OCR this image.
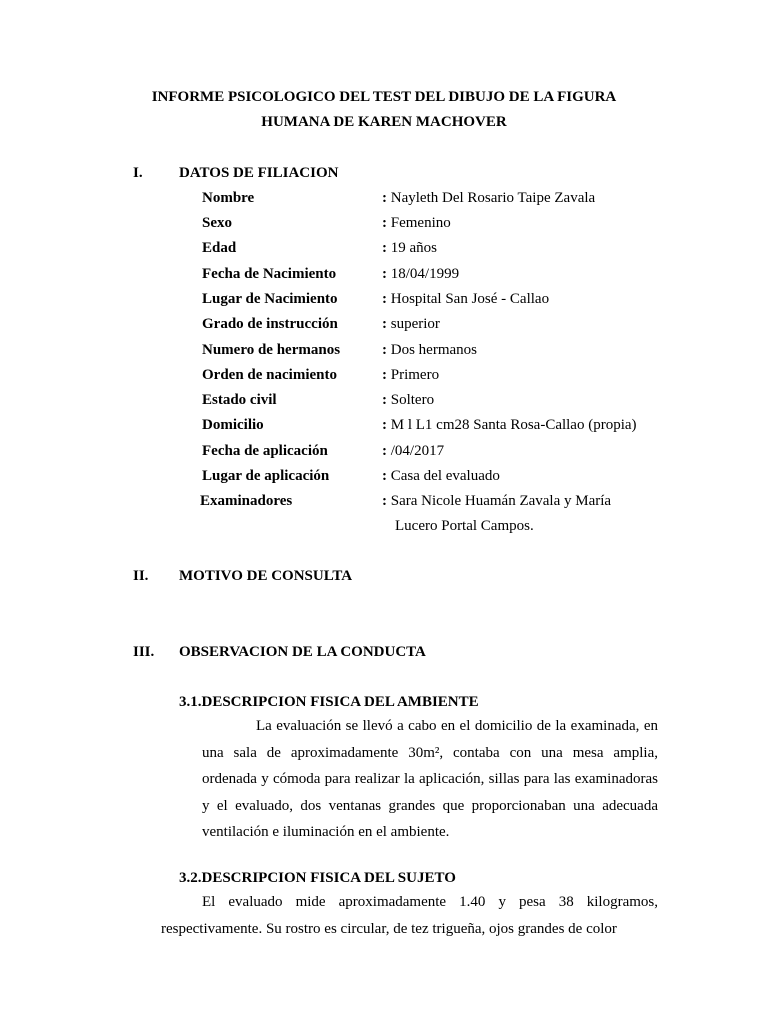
INFORME PSICOLOGICO DEL TEST DEL DIBUJO DE LA FIGURA
HUMANA DE KAREN MACHOVER
I. DATOS DE FILIACION
Nombre	: Nayleth Del Rosario Taipe Zavala
Sexo	: Femenino
Edad	: 19 años
Fecha de Nacimiento	: 18/04/1999
Lugar de Nacimiento	: Hospital San José - Callao
Grado de instrucción	: superior
Numero de hermanos	: Dos hermanos
Orden de nacimiento	: Primero
Estado civil	: Soltero
Domicilio	: M l L1 cm28 Santa Rosa-Callao (propia)
Fecha de aplicación	: /04/2017
Lugar de aplicación	: Casa del evaluado
Examinadores	: Sara Nicole Huamán Zavala y María
Lucero Portal Campos.
II. MOTIVO DE CONSULTA
III. OBSERVACION DE LA CONDUCTA
3.1.DESCRIPCION FISICA DEL AMBIENTE
La evaluación se llevó a cabo en el domicilio de la examinada, en una sala de aproximadamente 30m², contaba con una mesa amplia, ordenada y cómoda para realizar la aplicación, sillas para las examinadoras y el evaluado, dos ventanas grandes que proporcionaban una adecuada ventilación e iluminación en el ambiente.
3.2.DESCRIPCION FISICA DEL SUJETO
El evaluado mide aproximadamente 1.40 y pesa 38 kilogramos, respectivamente. Su rostro es circular, de tez trigueña, ojos grandes de color
